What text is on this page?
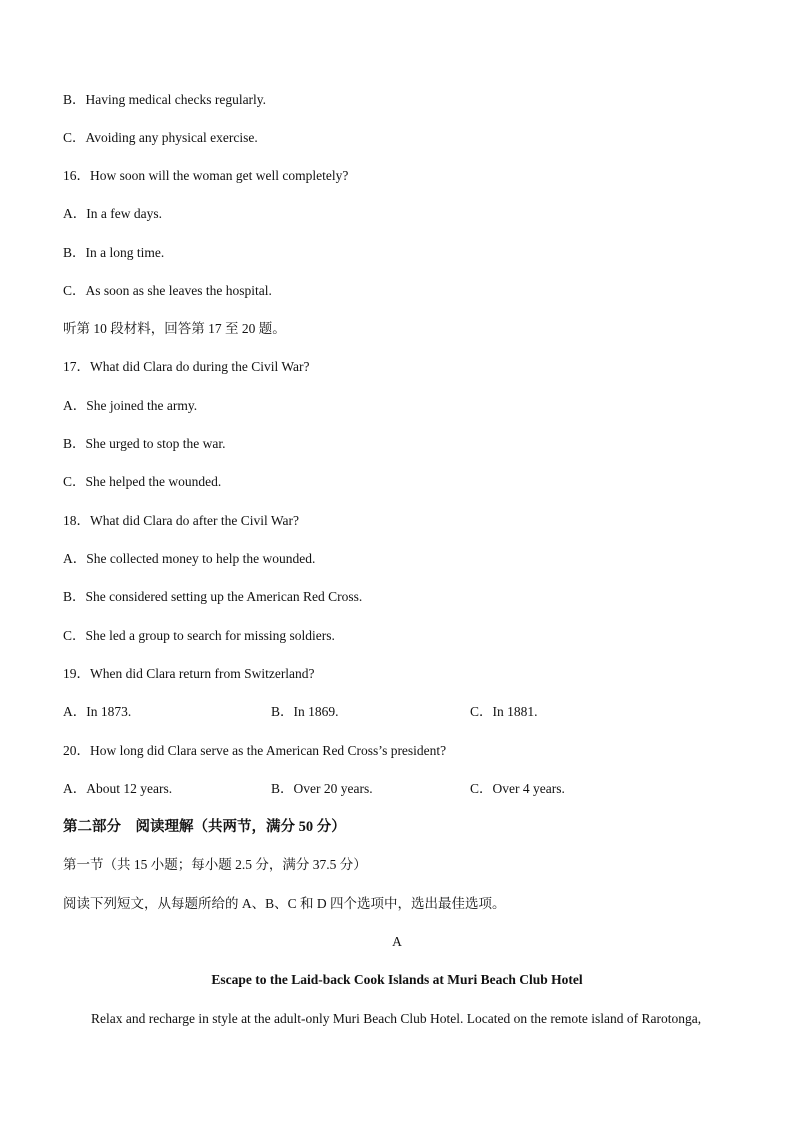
B．Having medical checks regularly.
C．Avoiding any physical exercise.
16．How soon will the woman get well completely?
A．In a few days.
B．In a long time.
C．As soon as she leaves the hospital.
听第 10 段材料，回答第 17 至 20 题。
17．What did Clara do during the Civil War?
A．She joined the army.
B．She urged to stop the war.
C．She helped the wounded.
18．What did Clara do after the Civil War?
A．She collected money to help the wounded.
B．She considered setting up the American Red Cross.
C．She led a group to search for missing soldiers.
19．When did Clara return from Switzerland?
A．In 1873.	B．In 1869.	C．In 1881.
20．How long did Clara serve as the American Red Cross’s president?
A．About 12 years.	B．Over 20 years.	C．Over 4 years.
第二部分　阅读理解（共两节，满分 50 分）
第一节（共 15 小题；每小题 2.5 分，满分 37.5 分）
阅读下列短文，从每题所给的 A、B、C 和 D 四个选项中，选出最佳选项。
A
Escape to the Laid-back Cook Islands at Muri Beach Club Hotel
Relax and recharge in style at the adult-only Muri Beach Club Hotel. Located on the remote island of Rarotonga,
